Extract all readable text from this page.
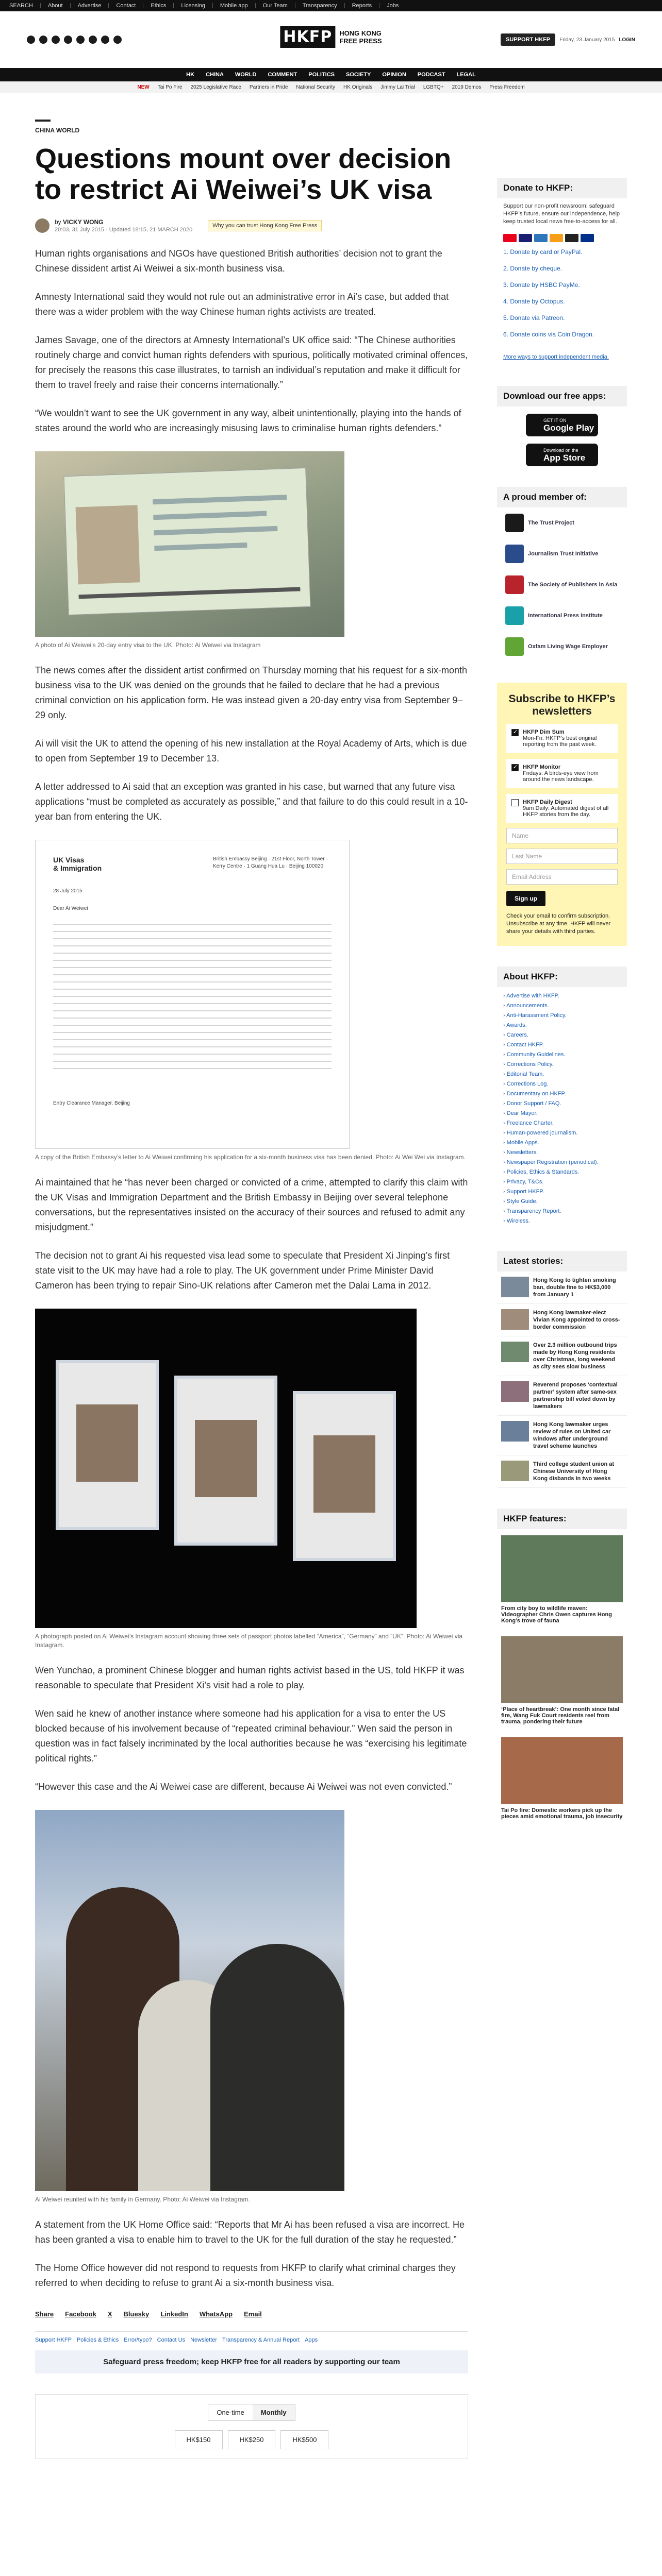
SEARCH	About	Advertise	Contact	Ethics	Licensing	Mobile app	Our Team	Transparency	Reports	Jobs
HKFP	HONG KONG
FREE PRESS	SUPPORT HKFP	Friday, 23 January 2015 LOGIN
HK CHINA WORLD COMMENT POLITICS SOCIETY OPINION PODCAST LEGAL
NEW Tai Po Fire 2025 Legislative Race Partners in Pride National Security HK Originals Jimmy Lai Trial LGBTQ+ 2019 Demos Press Freedom
CHINA WORLD
Questions mount over decision to restrict Ai Weiwei’s UK visa
by VICKY WONG
20:03, 31 July 2015 · Updated 18:15, 21 MARCH 2020
Why you can trust Hong Kong Free Press

Human rights organisations and NGOs have questioned British authorities’ decision not to grant the Chinese dissident artist Ai Weiwei a six-month business visa.

Amnesty International said they would not rule out an administrative error in Ai’s case, but added that there was a wider problem with the way Chinese human rights activists are treated.

James Savage, one of the directors at Amnesty International’s UK office said: “The Chinese authorities routinely charge and convict human rights defenders with spurious, politically motivated criminal offences, for precisely the reasons this case illustrates, to tarnish an individual’s reputation and make it difficult for them to travel freely and raise their concerns internationally.”

“We wouldn’t want to see the UK government in any way, albeit unintentionally, playing into the hands of states around the world who are increasingly misusing laws to criminalise human rights defenders.”

A photo of Ai Weiwei’s 20-day entry visa to the UK. Photo: Ai Weiwei via Instagram

The news comes after the dissident artist confirmed on Thursday morning that his request for a six-month business visa to the UK was denied on the grounds that he failed to declare that he had a previous criminal conviction on his application form. He was instead given a 20-day entry visa from September 9–29 only.

Ai will visit the UK to attend the opening of his new installation at the Royal Academy of Arts, which is due to open from September 19 to December 13.

A letter addressed to Ai said that an exception was granted in his case, but warned that any future visa applications “must be completed as accurately as possible,” and that failure to do this could result in a 10-year ban from entering the UK.

UK Visas
& Immigration
British Embassy Beijing · 21st Floor, North Tower · Kerry Centre · 1 Guang Hua Lu · Beijing 100020
28 July 2015
Dear Ai Weiwei
Entry Clearance Manager, Beijing
A copy of the British Embassy’s letter to Ai Weiwei confirming his application for a six-month business visa has been denied. Photo: Ai Wei Wei via Instagram.

Ai maintained that he “has never been charged or convicted of a crime, attempted to clarify this claim with the UK Visas and Immigration Department and the British Embassy in Beijing over several telephone conversations, but the representatives insisted on the accuracy of their sources and refused to admit any misjudgment.”

The decision not to grant Ai his requested visa lead some to speculate that President Xi Jinping’s first state visit to the UK may have had a role to play. The UK government under Prime Minister David Cameron has been trying to repair Sino-UK relations after Cameron met the Dalai Lama in 2012.

A photograph posted on Ai Weiwei’s Instagram account showing three sets of passport photos labelled “America”, “Germany” and “UK”. Photo: Ai Weiwei via Instagram.

Wen Yunchao, a prominent Chinese blogger and human rights activist based in the US, told HKFP it was reasonable to speculate that President Xi’s visit had a role to play.

Wen said he knew of another instance where someone had his application for a visa to enter the US blocked because of his involvement because of “repeated criminal behaviour.” Wen said the person in question was in fact falsely incriminated by the local authorities because he was “exercising his legitimate political rights.”

“However this case and the Ai Weiwei case are different, because Ai Weiwei was not even convicted.”

Ai Weiwei reunited with his family in Germany. Photo: Ai Weiwei via Instagram.

A statement from the UK Home Office said: “Reports that Mr Ai has been refused a visa are incorrect. He has been granted a visa to enable him to travel to the UK for the full duration of the stay he requested.”

The Home Office however did not respond to requests from HKFP to clarify what criminal charges they referred to when deciding to refuse to grant Ai a six-month business visa.

Share Facebook X Bluesky LinkedIn WhatsApp Email
Support HKFP Policies & Ethics Error/typo? Contact Us Newsletter Transparency & Annual Report Apps
Safeguard press freedom; keep HKFP free for all readers by supporting our team
One-time	Monthly
HK$150	HK$250	HK$500
Donate to HKFP:
Support our non-profit newsroom: safeguard HKFP’s future, ensure our independence, help keep trusted local news free-to-access for all.
1. Donate by card or PayPal.
2. Donate by cheque.
3. Donate by HSBC PayMe.
4. Donate by Octopus.
5. Donate via Patreon.
6. Donate coins via Coin Dragon.
More ways to support independent media.
Download our free apps:
GET IT ON
Google Play
Download on the
App Store
A proud member of:
The Trust Project
Journalism Trust Initiative
The Society of Publishers in Asia
International Press Institute
Oxfam Living Wage Employer
Subscribe to HKFP’s newsletters
✓
HKFP Dim Sum
Mon-Fri: HKFP’s best original reporting from the past week.
✓
HKFP Monitor
Fridays: A birds-eye view from around the news landscape.
HKFP Daily Digest
9am Daily: Automated digest of all HKFP stories from the day.
Name
Last Name
Email Address
Sign up
Check your email to confirm subscription. Unsubscribe at any time. HKFP will never share your details with third parties.
About HKFP:
› Advertise with HKFP.
› Announcements.
› Anti-Harassment Policy.
› Awards.
› Careers.
› Contact HKFP.
› Community Guidelines.
› Corrections Policy.
› Editorial Team.
› Corrections Log.
› Documentary on HKFP.
› Donor Support / FAQ.
› Dear Mayor.
› Freelance Charter.
› Human-powered journalism.
› Mobile Apps.
› Newsletters.
› Newspaper Registration (periodical).
› Policies, Ethics & Standards.
› Privacy, T&Cs.
› Support HKFP.
› Style Guide.
› Transparency Report.
› Wireless.
Latest stories:
Hong Kong to tighten smoking ban, double fine to HK$3,000 from January 1
Hong Kong lawmaker-elect Vivian Kong appointed to cross-border commission
Over 2.3 million outbound trips made by Hong Kong residents over Christmas, long weekend as city sees slow business
Reverend proposes ‘contextual partner’ system after same-sex partnership bill voted down by lawmakers
Hong Kong lawmaker urges review of rules on United car windows after underground travel scheme launches
Third college student union at Chinese University of Hong Kong disbands in two weeks
HKFP features:
From city boy to wildlife maven: Videographer Chris Owen captures Hong Kong’s trove of fauna
‘Place of heartbreak’: One month since fatal fire, Wang Fuk Court residents reel from trauma, pondering their future
Tai Po fire: Domestic workers pick up the pieces amid emotional trauma, job insecurity
